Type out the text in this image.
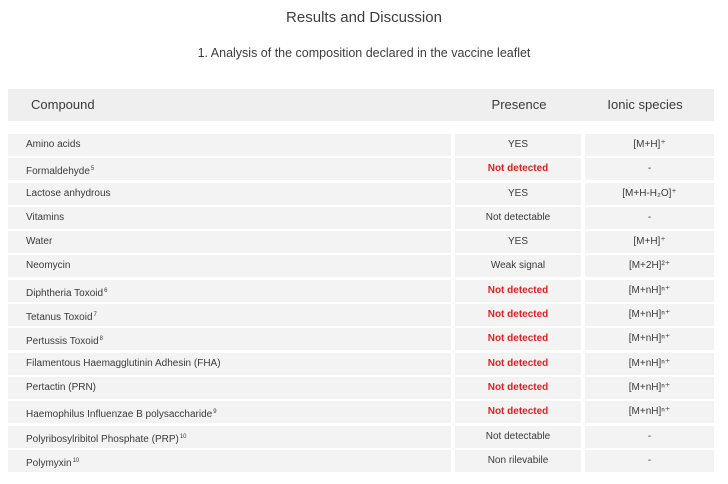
Results and Discussion
1. Analysis of the composition declared in the vaccine leaflet
Compound	Presence	Ionic species
Amino acids	YES	[M+H]⁺
Formaldehyde$^5$	Not detected	-
Lactose anhydrous	YES	[M+H-H₂O]⁺
Vitamins	Not detectable	-
Water	YES	[M+H]⁺
Neomycin	Weak signal	[M+2H]²⁺
Diphtheria Toxoid$^6$	Not detected	[M+nH]ⁿ⁺
Tetanus Toxoid$^7$	Not detected	[M+nH]ⁿ⁺
Pertussis Toxoid$^8$	Not detected	[M+nH]ⁿ⁺
Filamentous Haemagglutinin Adhesin (FHA)	Not detected	[M+nH]ⁿ⁺
Pertactin (PRN)	Not detected	[M+nH]ⁿ⁺
Haemophilus Influenzae B polysaccharide$^9$	Not detected	[M+nH]ⁿ⁺
Polyribosylribitol Phosphate (PRP)$^{10}$	Not detectable	-
Polymyxin$^{10}$	Non rilevabile	-
